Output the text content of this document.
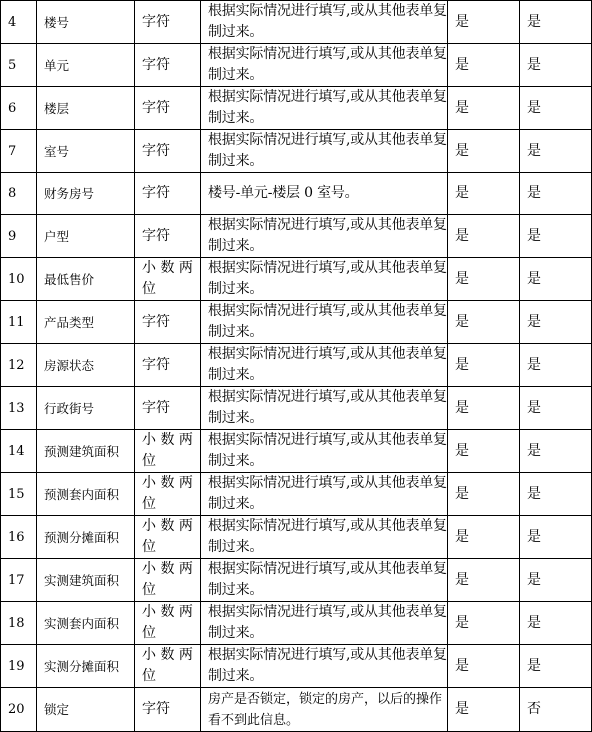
4	楼号	字符	根据实际情况进行填写,或从其他表单复制过来。	是	是
5	单元	字符	根据实际情况进行填写,或从其他表单复制过来。	是	是
6	楼层	字符	根据实际情况进行填写,或从其他表单复制过来。	是	是
7	室号	字符	根据实际情况进行填写,或从其他表单复制过来。	是	是
8	财务房号	字符	楼号-单元-楼层 0 室号。	是	是
9	户型	字符	根据实际情况进行填写,或从其他表单复制过来。	是	是
10	最低售价	小 数 两 位	根据实际情况进行填写,或从其他表单复制过来。	是	是
11	产品类型	字符	根据实际情况进行填写,或从其他表单复制过来。	是	是
12	房源状态	字符	根据实际情况进行填写,或从其他表单复制过来。	是	是
13	行政街号	字符	根据实际情况进行填写,或从其他表单复制过来。	是	是
14	预测建筑面积	小 数 两 位	根据实际情况进行填写,或从其他表单复制过来。	是	是
15	预测套内面积	小 数 两 位	根据实际情况进行填写,或从其他表单复制过来。	是	是
16	预测分摊面积	小 数 两 位	根据实际情况进行填写,或从其他表单复制过来。	是	是
17	实测建筑面积	小 数 两 位	根据实际情况进行填写,或从其他表单复制过来。	是	是
18	实测套内面积	小 数 两 位	根据实际情况进行填写,或从其他表单复制过来。	是	是
19	实测分摊面积	小 数 两 位	根据实际情况进行填写,或从其他表单复制过来。	是	是
20	锁定	字符	房产是否锁定，锁定的房产，以后的操作看不到此信息。	是	否
